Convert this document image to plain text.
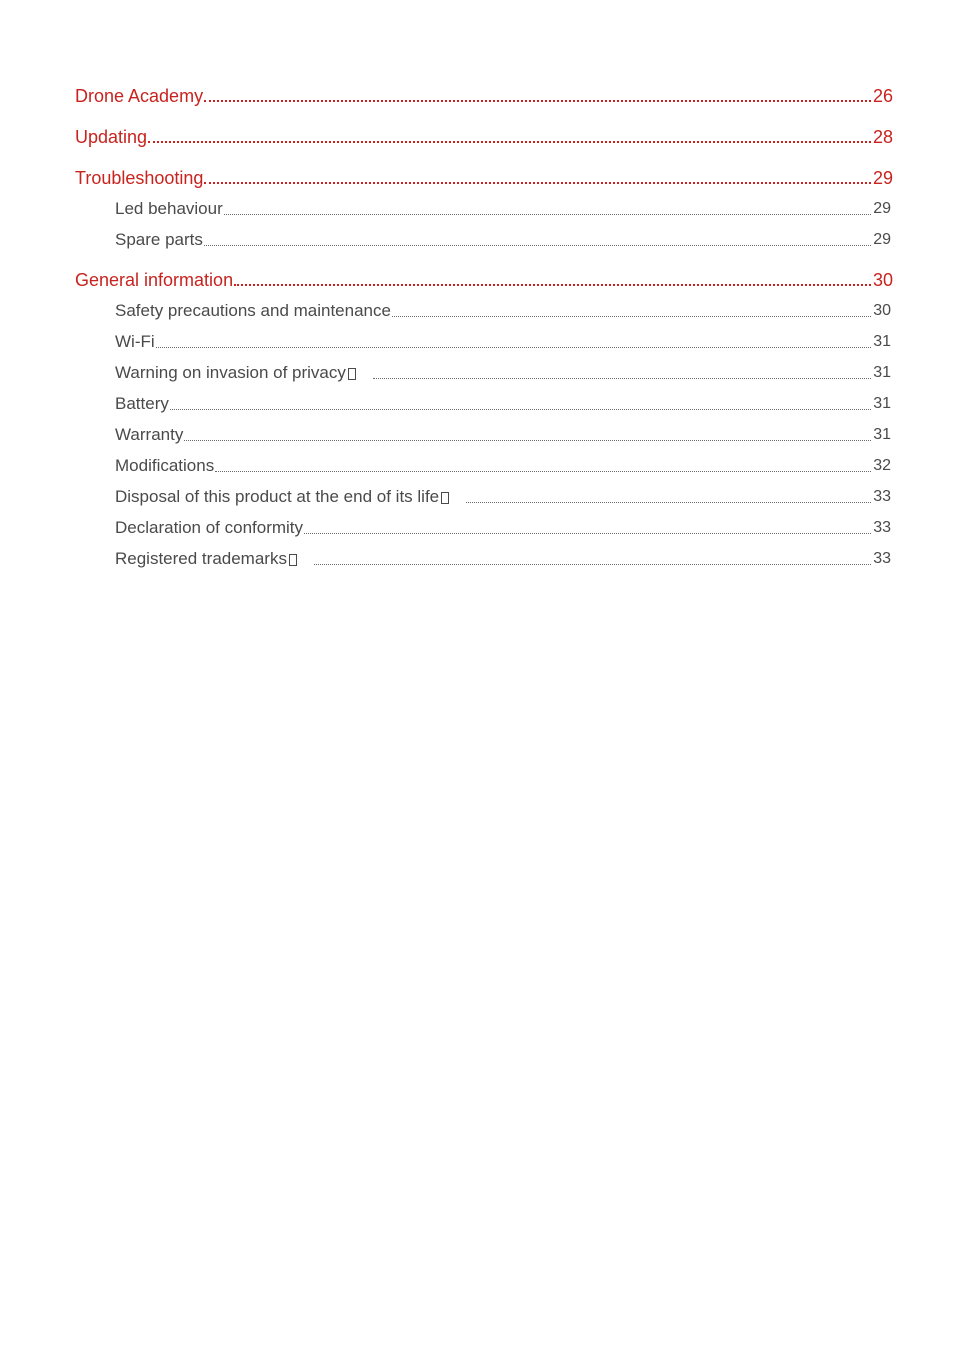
Drone Academy	26
Updating	28
Troubleshooting	29
Led behaviour	29
Spare parts	29
General information	30
Safety precautions and maintenance	30
Wi-Fi	31
Warning on invasion of privacy	31
Battery	31
Warranty	31
Modifications	32
Disposal of this product at the end of its life	33
Declaration of conformity	33
Registered trademarks	33
